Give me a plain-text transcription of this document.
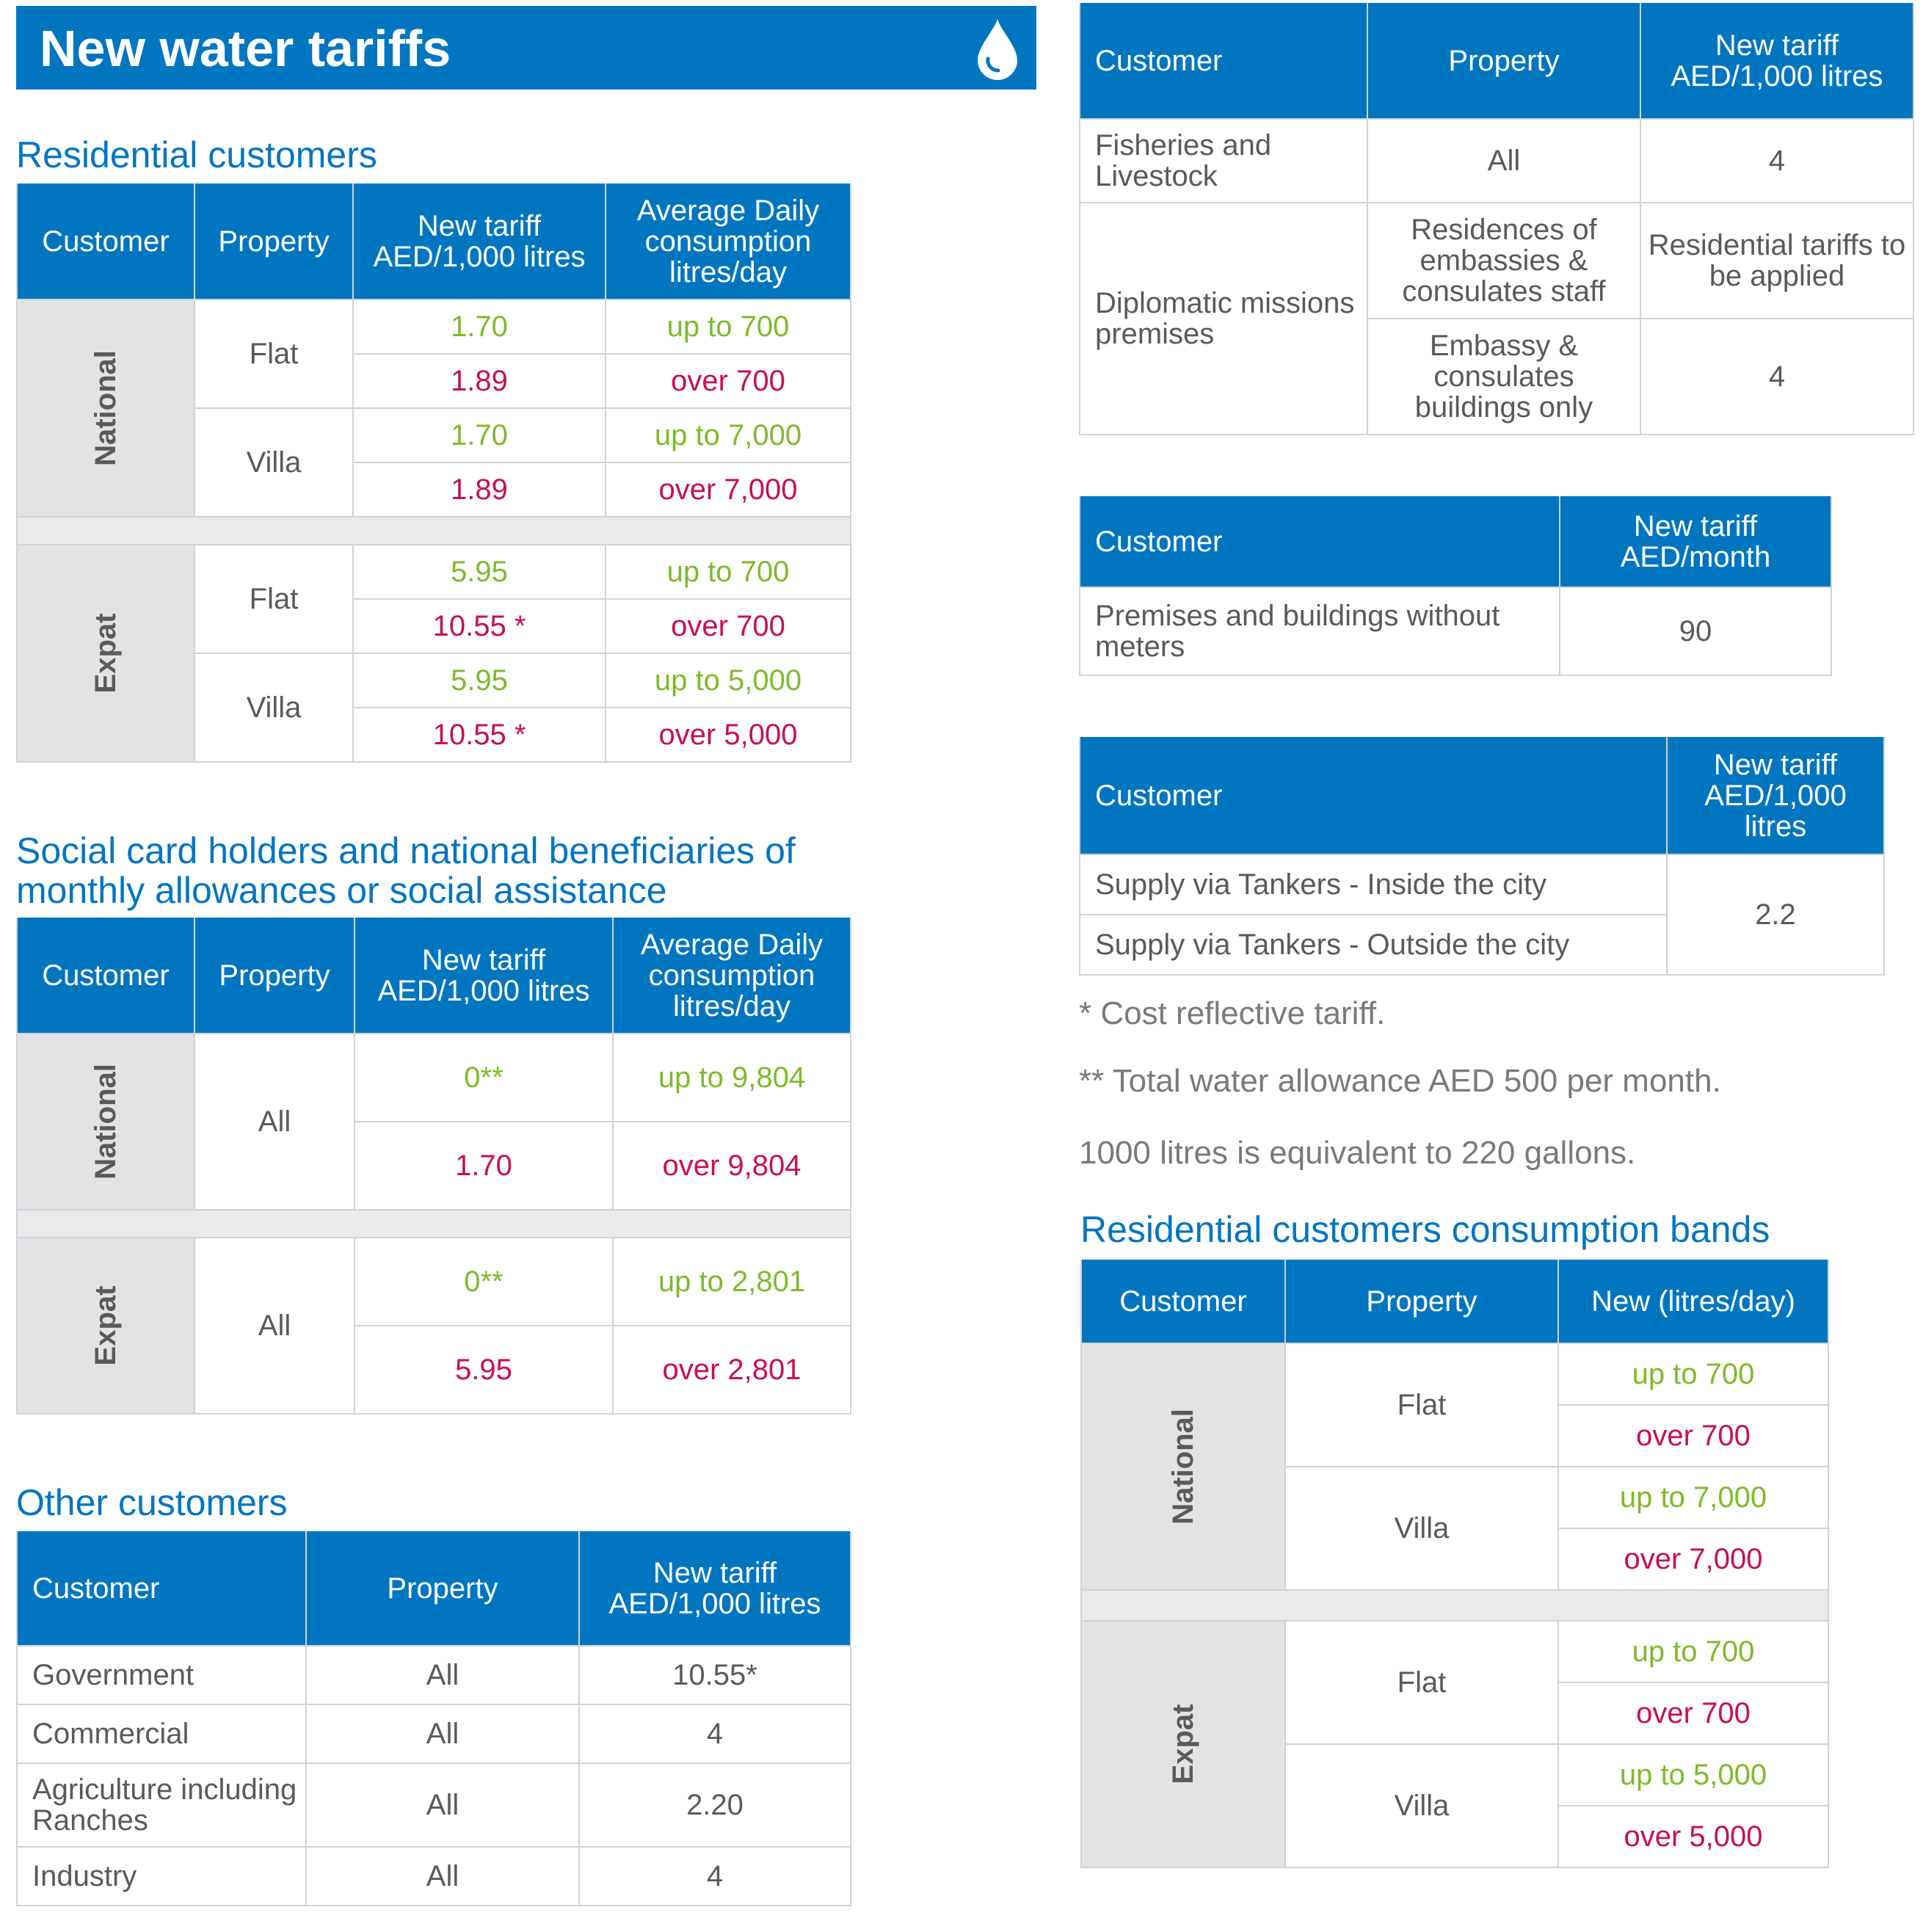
New water tariffs
Residential customers
Customer	Property	New tariff AED/1,000 litres	Average Daily consumption litres/day

National	Flat	1.70	up to 700
		1.89	over 700
	Villa	1.70	up to 7,000
		1.89	over 7,000

Expat	Flat	5.95	up to 700
		10.55 *	over 700
	Villa	5.95	up to 5,000
		10.55 *	over 5,000
Social card holders and national beneficiaries of
monthly allowances or social assistance
Customer	Property	New tariff AED/1,000 litres	Average Daily consumption litres/day

National	All	0**	up to 9,804
		1.70	over 9,804

Expat	All	0**	up to 2,801
		5.95	over 2,801
Other customers
Customer	Property	New tariff AED/1,000 litres
Government	All	10.55*
Commercial	All	4
Agriculture including Ranches	All	2.20
Industry	All	4
Customer	Property	New tariff AED/1,000 litres
Fisheries and Livestock	All	4
Diplomatic missions premises	Residences of embassies & consulates staff	Residential tariffs to be applied
	Embassy & consulates buildings only	4
Customer	New tariff AED/month
Premises and buildings without meters	90
Customer	New tariff AED/1,000 litres
Supply via Tankers - Inside the city	2.2
Supply via Tankers - Outside the city	
* Cost reflective tariff.
** Total water allowance AED 500 per month.
1000 litres is equivalent to 220 gallons.
Residential customers consumption bands
Customer	Property	New (litres/day)

National	Flat	up to 700
		over 700
	Villa	up to 7,000
		over 7,000

Expat	Flat	up to 700
		over 700
	Villa	up to 5,000
		over 5,000
